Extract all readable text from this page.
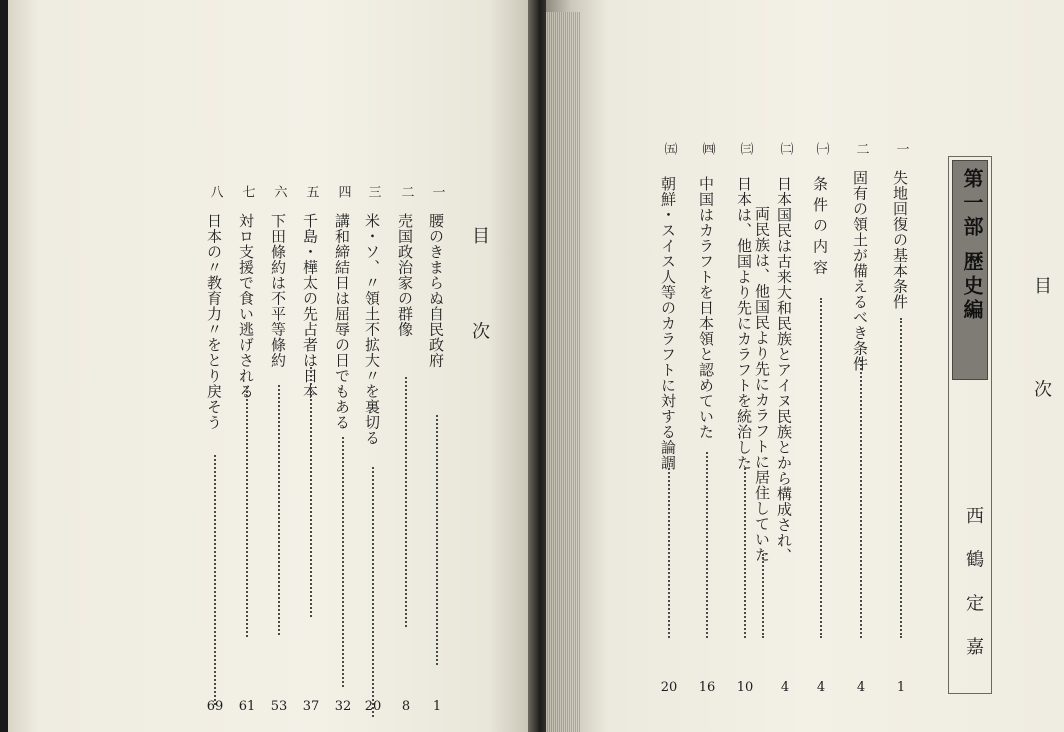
目 次
一
腰のきまらぬ自民政府
1
二
売国政治家の群像
8
三
米・ソ、〃領土不拡大〃を裏切る
20
四
講和締結日は屈辱の日でもある
32
五
千島・樺太の先占者は日本
37
六
下田條約は不平等條約
53
七
対ロ支援で食い逃げされる
61
八
日本の〃教育力〃をとり戻そう
69
目 次
第一部 歴史編
西 鶴 定 嘉
一
失地回復の基本条件
1
二
固有の領土が備えるべき条件
4
㈠
条 件 の 内 容
4
㈡
日本国民は古来大和民族とアイヌ民族とから構成され、
両民族は、他国民より先にカラフトに居住していた
4
㈢
日本は、他国より先にカラフトを統治した
10
㈣
中国はカラフトを日本領と認めていた
16
㈤
朝鮮・スイス人等のカラフトに対する論調
20
